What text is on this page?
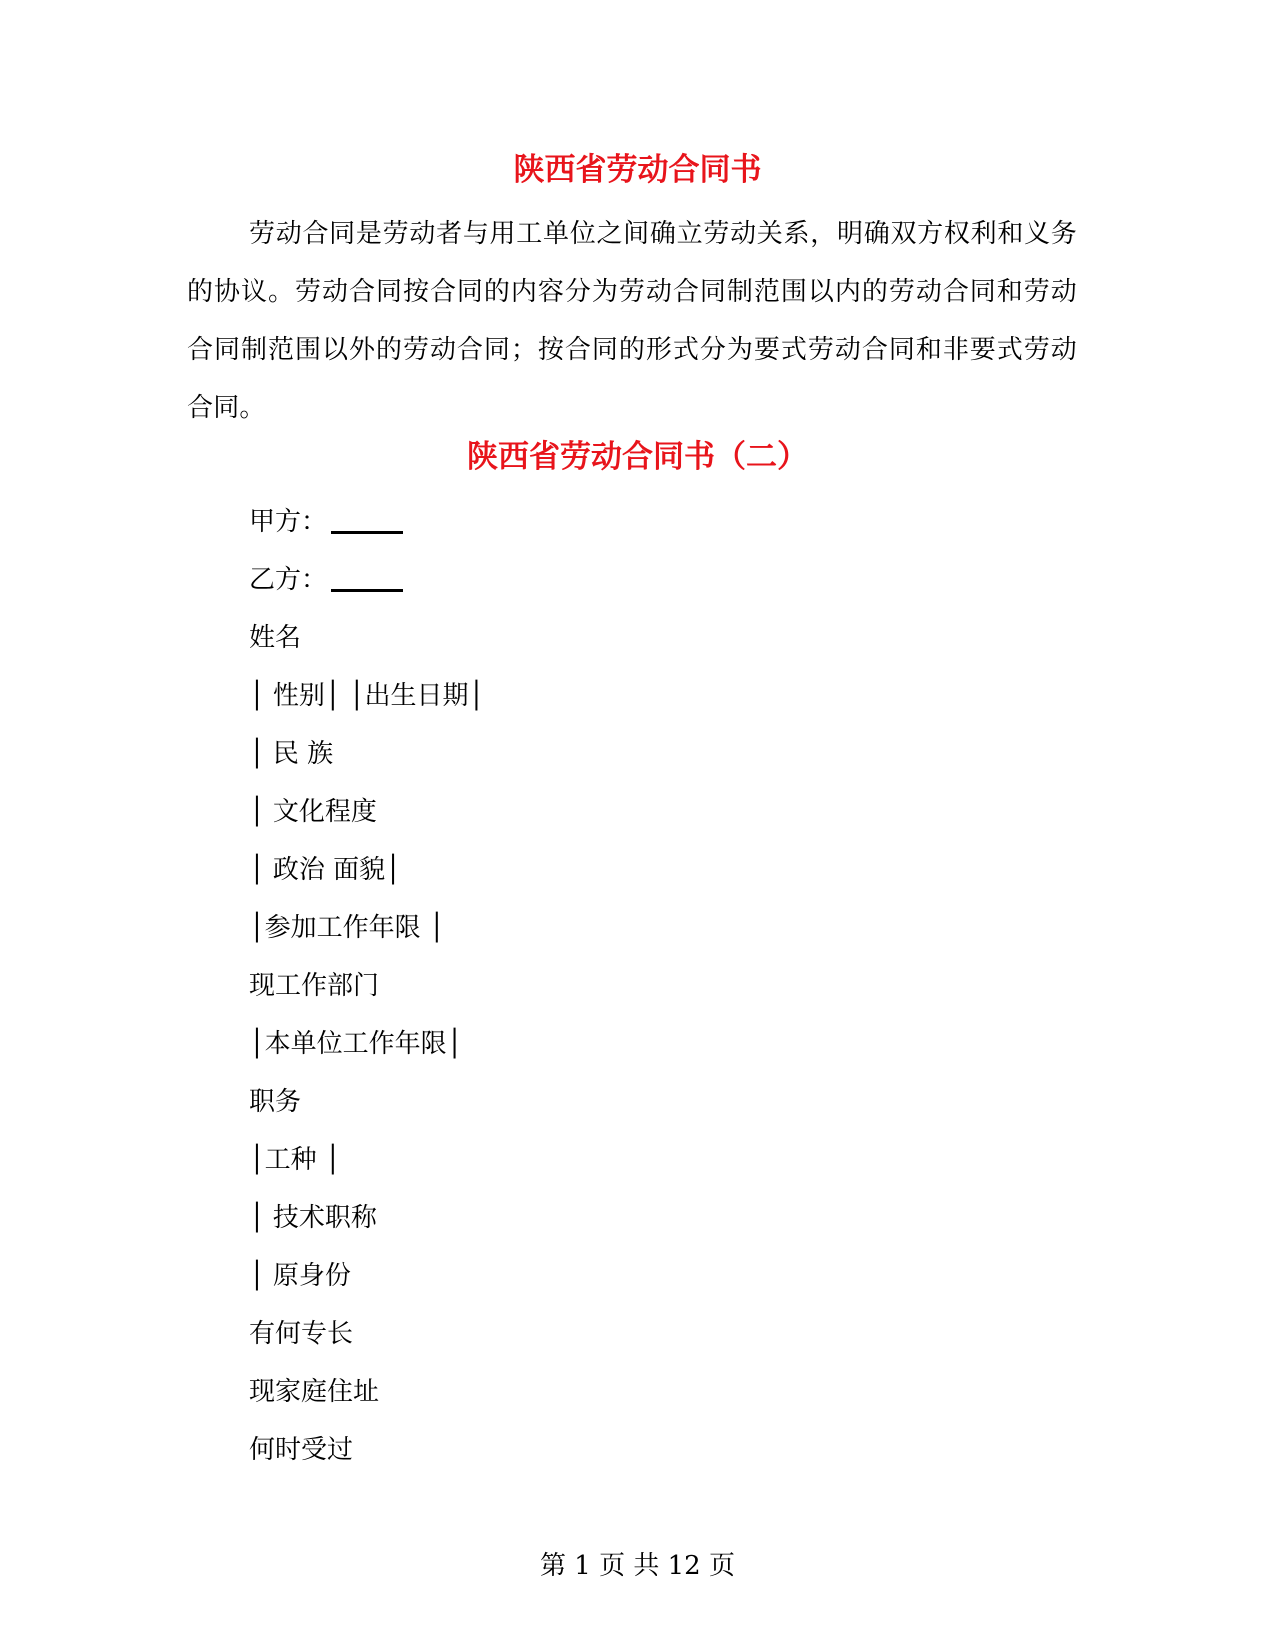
陕西省劳动合同书

劳动合同是劳动者与用工单位之间确立劳动关系，明确双方权利和义务的协议。劳动合同按合同的内容分为劳动合同制范围以内的劳动合同和劳动合同制范围以外的劳动合同；按合同的形式分为要式劳动合同和非要式劳动合同。

陕西省劳动合同书（二）
甲方：
乙方：
姓名
│ 性别│ │出生日期│
│ 民 族
│ 文化程度
│ 政治 面貌│
│参加工作年限 │
现工作部门
│本单位工作年限│
职务
│工种 │
│ 技术职称
│ 原身份
有何专长
现家庭住址
何时受过
第 1 页 共 12 页
